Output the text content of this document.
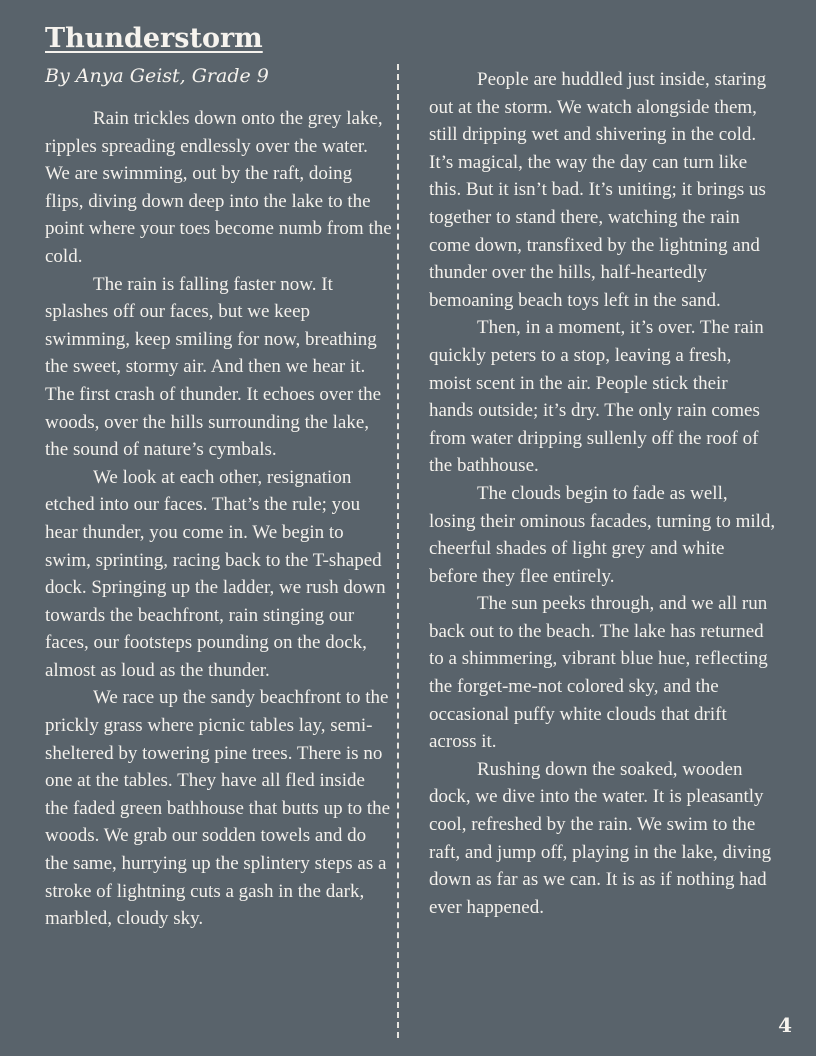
Thunderstorm
By Anya Geist, Grade 9

Rain trickles down onto the grey lake, ripples spreading endlessly over the water. We are swimming, out by the raft, doing flips, diving down deep into the lake to the point where your toes become numb from the cold.

The rain is falling faster now. It splashes off our faces, but we keep swimming, keep smiling for now, breathing the sweet, stormy air. And then we hear it. The first crash of thunder. It echoes over the woods, over the hills surrounding the lake, the sound of nature’s cymbals.

We look at each other, resignation etched into our faces. That’s the rule; you hear thunder, you come in. We begin to swim, sprinting, racing back to the T-shaped dock. Springing up the ladder, we rush down towards the beachfront, rain stinging our faces, our footsteps pounding on the dock, almost as loud as the thunder.

We race up the sandy beachfront to the prickly grass where picnic tables lay, semi-sheltered by towering pine trees. There is no one at the tables. They have all fled inside the faded green bathhouse that butts up to the woods. We grab our sodden towels and do the same, hurrying up the splintery steps as a stroke of lightning cuts a gash in the dark, marbled, cloudy sky.

People are huddled just inside, staring out at the storm. We watch alongside them, still dripping wet and shivering in the cold. It’s magical, the way the day can turn like this. But it isn’t bad. It’s uniting; it brings us together to stand there, watching the rain come down, transfixed by the lightning and thunder over the hills, half-heartedly bemoaning beach toys left in the sand.

Then, in a moment, it’s over. The rain quickly peters to a stop, leaving a fresh, moist scent in the air. People stick their hands outside; it’s dry. The only rain comes from water dripping sullenly off the roof of the bathhouse.

The clouds begin to fade as well, losing their ominous facades, turning to mild, cheerful shades of light grey and white before they flee entirely.

The sun peeks through, and we all run back out to the beach. The lake has returned to a shimmering, vibrant blue hue, reflecting the forget-me-not colored sky, and the occasional puffy white clouds that drift across it.

Rushing down the soaked, wooden dock, we dive into the water. It is pleasantly cool, refreshed by the rain. We swim to the raft, and jump off, playing in the lake, diving down as far as we can. It is as if nothing had ever happened.

4
